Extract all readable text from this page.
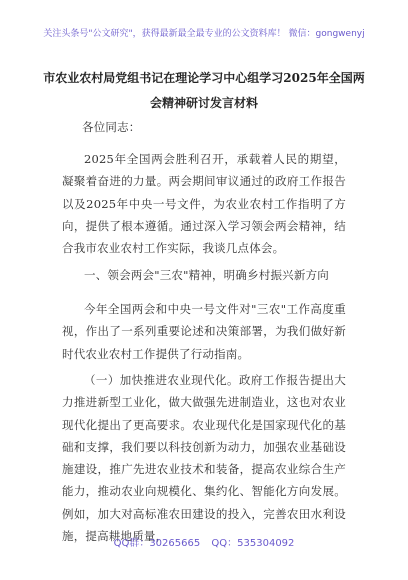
关注头条号"公文研究"，获得最新最全最专业的公文资料库！ 微信：gongwenyj
市农业农村局党组书记在理论学习中心组学习2025年全国两会精神研讨发言材料
各位同志：

2025年全国两会胜利召开，承载着人民的期望，凝聚着奋进的力量。两会期间审议通过的政府工作报告以及2025年中央一号文件，为农业农村工作指明了方向，提供了根本遵循。通过深入学习领会两会精神，结合我市农业农村工作实际，我谈几点体会。

一、领会两会"三农"精神，明确乡村振兴新方向

今年全国两会和中央一号文件对"三农"工作高度重视，作出了一系列重要论述和决策部署，为我们做好新时代农业农村工作提供了行动指南。

（一）加快推进农业现代化。政府工作报告提出大力推进新型工业化，做大做强先进制造业，这也对农业现代化提出了更高要求。农业现代化是国家现代化的基础和支撑，我们要以科技创新为动力，加强农业基础设施建设，推广先进农业技术和装备，提高农业综合生产能力，推动农业向规模化、集约化、智能化方向发展。例如，加大对高标准农田建设的投入，完善农田水利设施，提高耕地质量，

QQ群：30265665 QQ：535304092
